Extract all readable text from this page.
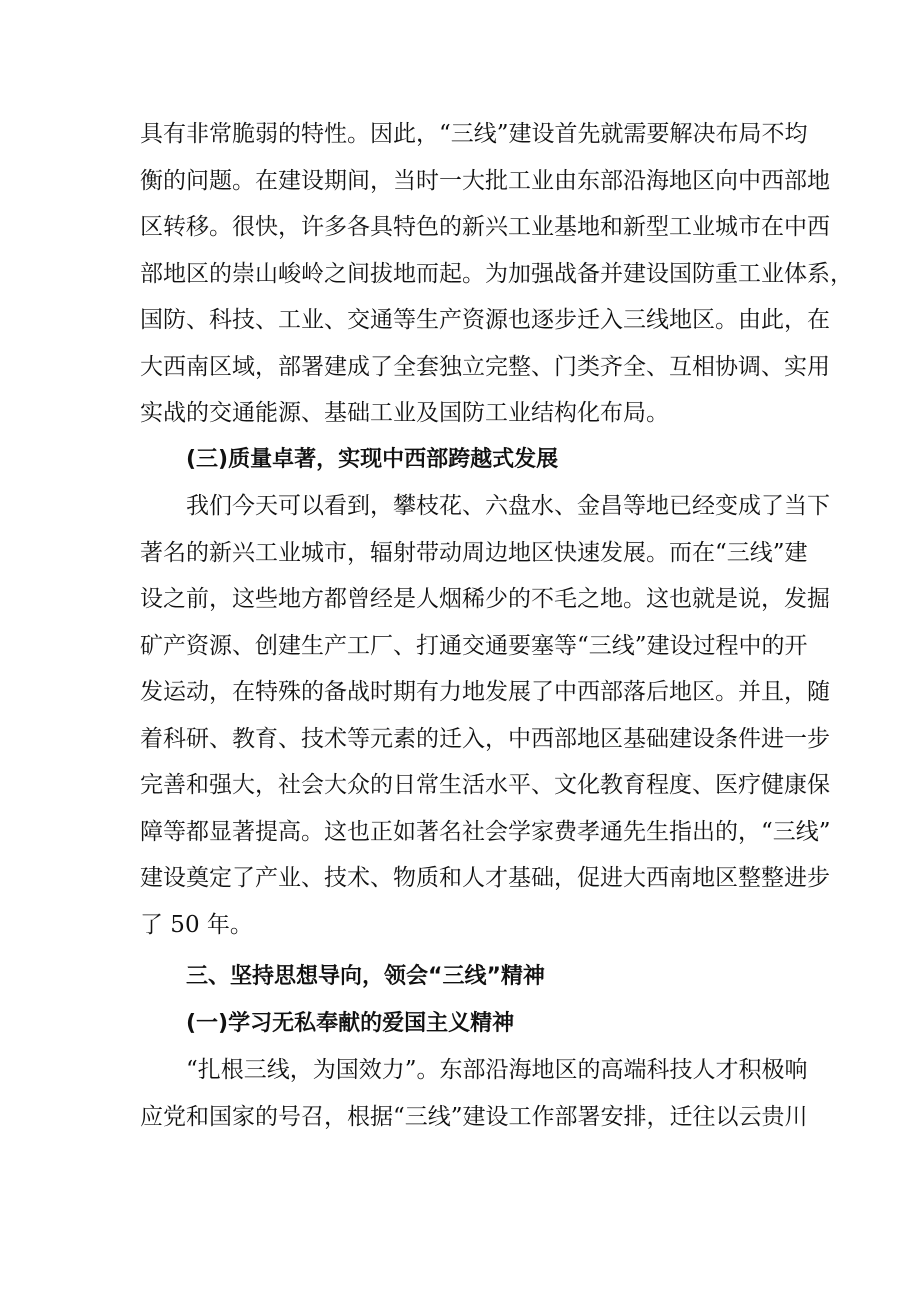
具有非常脆弱的特性。因此，“三线”建设首先就需要解决布局不均
衡的问题。在建设期间，当时一大批工业由东部沿海地区向中西部地
区转移。很快，许多各具特色的新兴工业基地和新型工业城市在中西
部地区的崇山峻岭之间拔地而起。为加强战备并建设国防重工业体系，
国防、科技、工业、交通等生产资源也逐步迁入三线地区。由此，在
大西南区域，部署建成了全套独立完整、门类齐全、互相协调、实用
实战的交通能源、基础工业及国防工业结构化布局。
(三)质量卓著，实现中西部跨越式发展
我们今天可以看到，攀枝花、六盘水、金昌等地已经变成了当下
著名的新兴工业城市，辐射带动周边地区快速发展。而在“三线”建
设之前，这些地方都曾经是人烟稀少的不毛之地。这也就是说，发掘
矿产资源、创建生产工厂、打通交通要塞等“三线”建设过程中的开
发运动，在特殊的备战时期有力地发展了中西部落后地区。并且，随
着科研、教育、技术等元素的迁入，中西部地区基础建设条件进一步
完善和强大，社会大众的日常生活水平、文化教育程度、医疗健康保
障等都显著提高。这也正如著名社会学家费孝通先生指出的，“三线”
建设奠定了产业、技术、物质和人才基础，促进大西南地区整整进步
了 50 年。
三、坚持思想导向，领会“三线”精神
(一)学习无私奉献的爱国主义精神
“扎根三线，为国效力”。东部沿海地区的高端科技人才积极响
应党和国家的号召，根据“三线”建设工作部署安排，迁往以云贵川
